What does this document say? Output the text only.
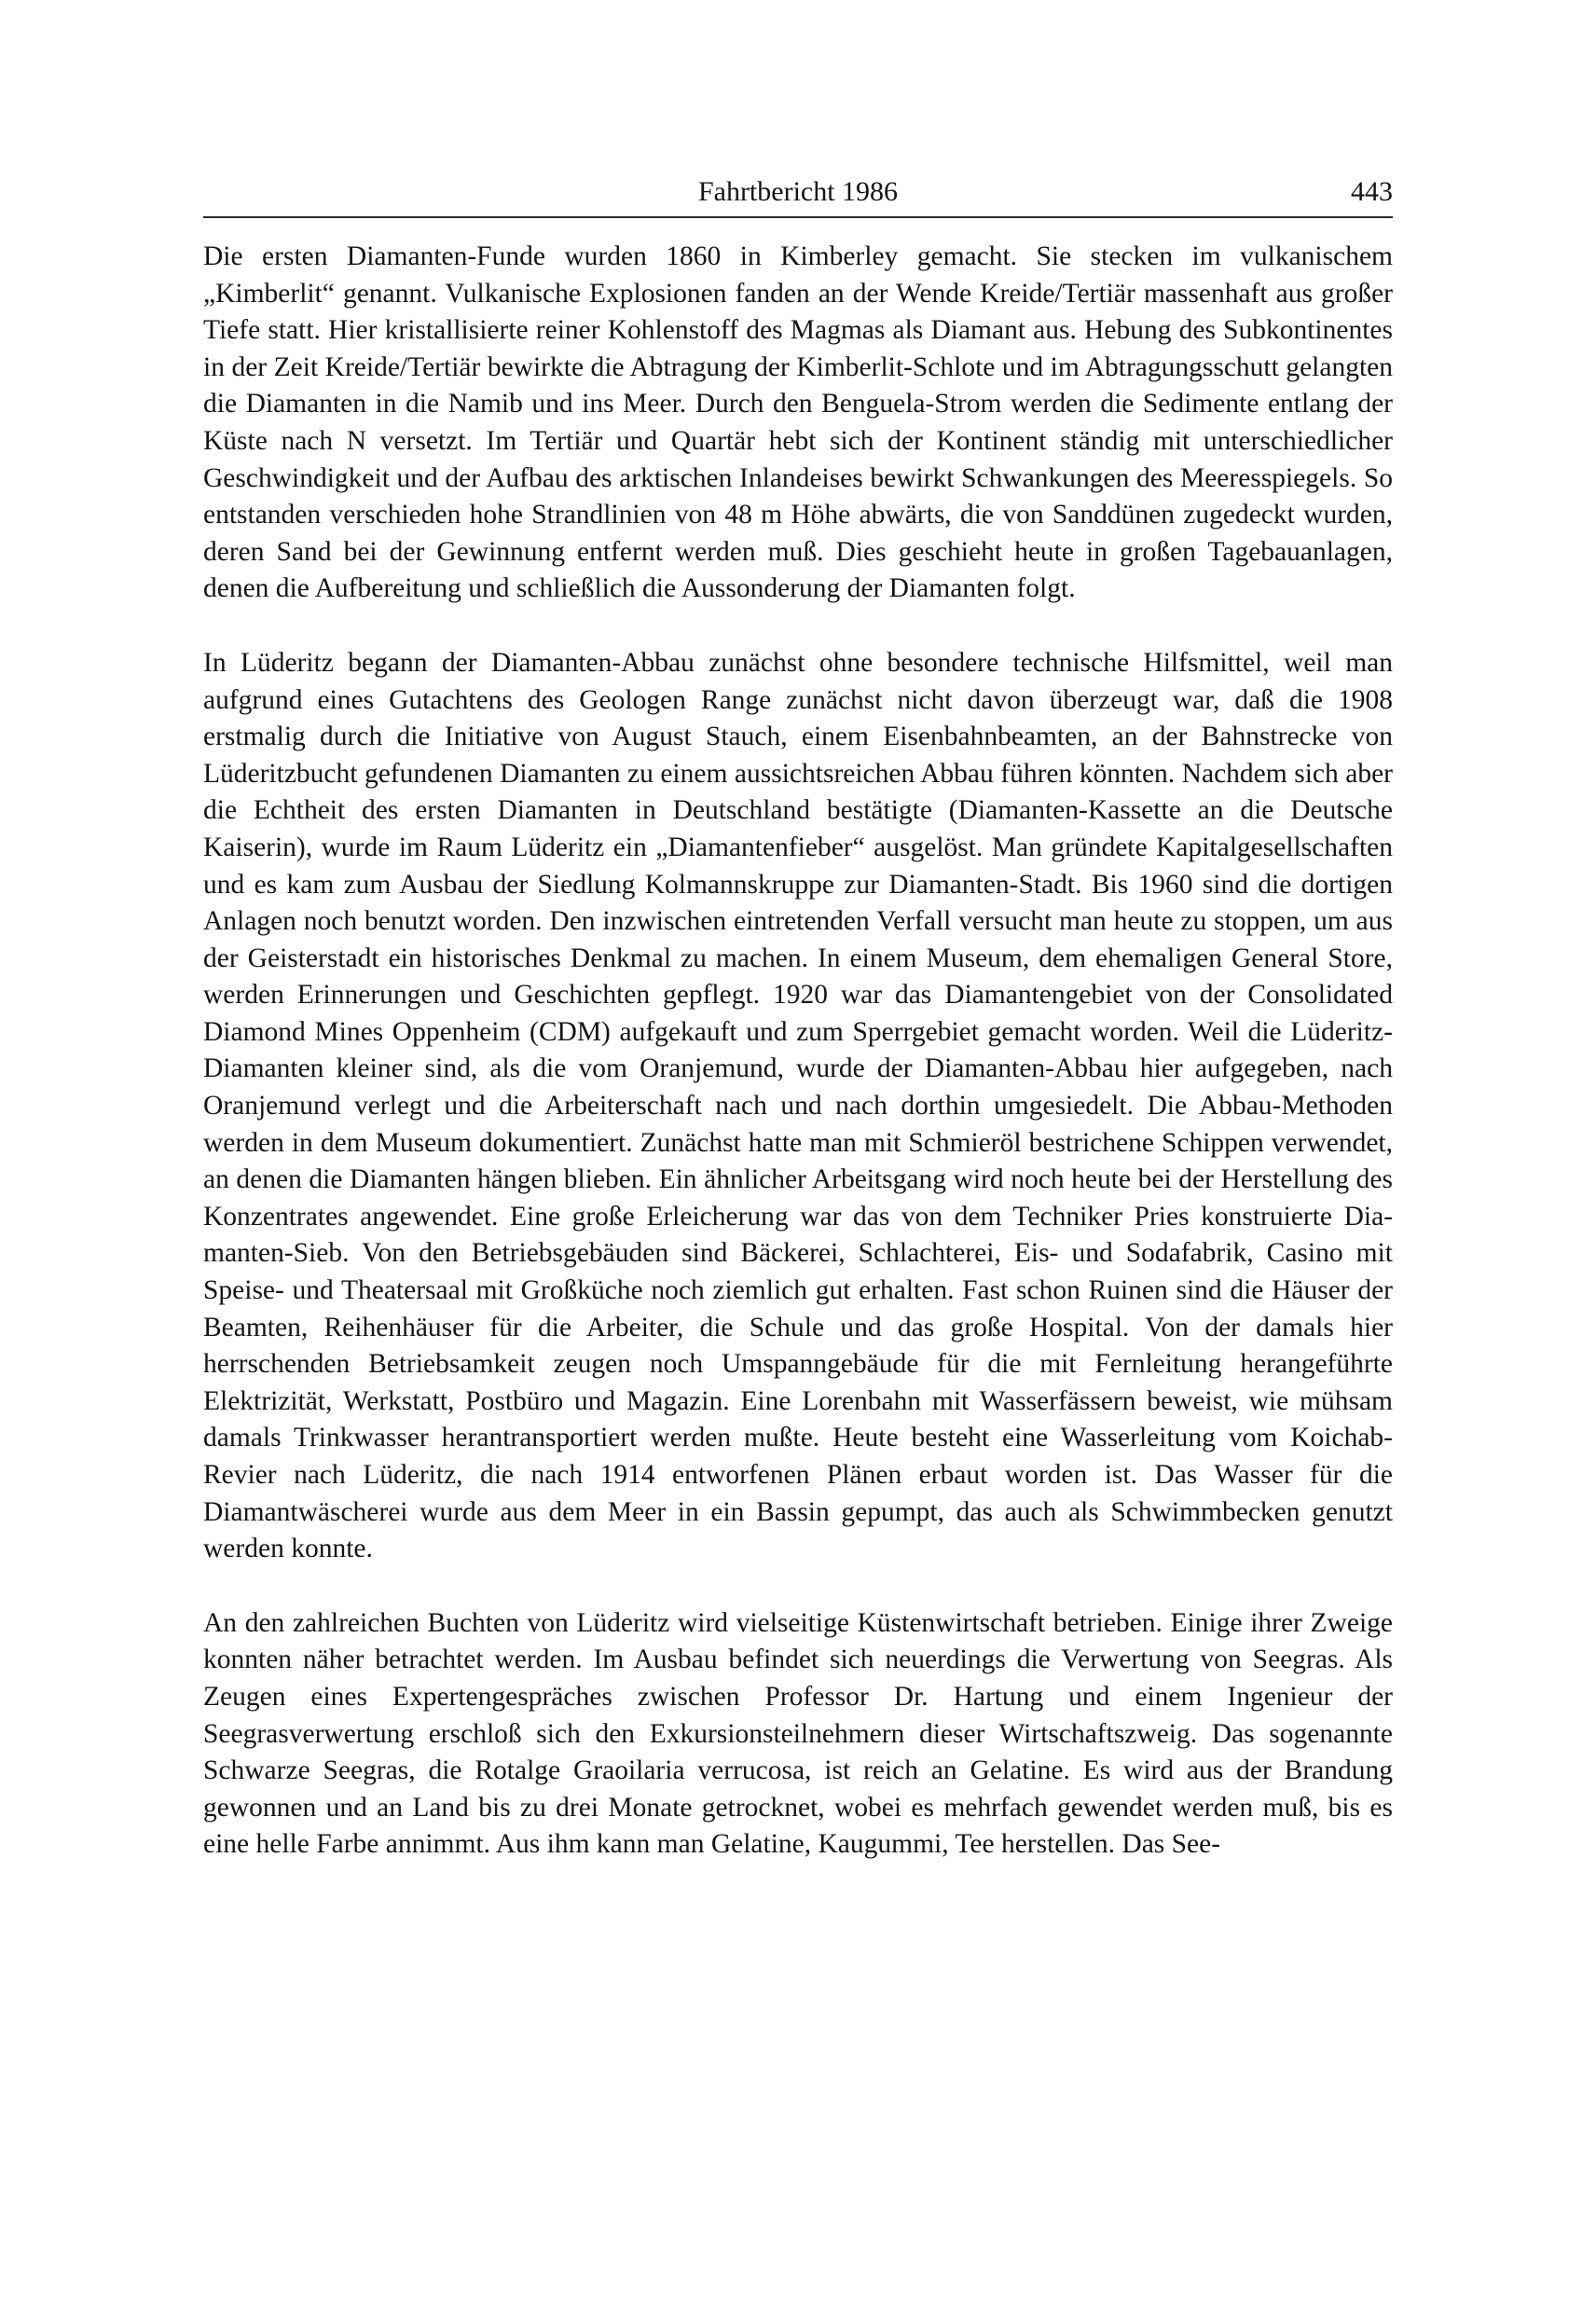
Fahrtbericht 1986	443

Die ersten Diamanten-Funde wurden 1860 in Kimberley gemacht. Sie stecken im vulkanischem „Kimberlit“ genannt. Vulkanische Explosionen fanden an der Wende Kreide/Tertiär massenhaft aus großer Tiefe statt. Hier kristallisierte reiner Kohlenstoff des Magmas als Diamant aus. Hebung des Subkontinentes in der Zeit Kreide/Tertiär bewirkte die Abtragung der Kimberlit-Schlote und im Abtragungsschutt gelangten die Diamanten in die Namib und ins Meer. Durch den Benguela-Strom werden die Sedimente entlang der Küste nach N versetzt. Im Tertiär und Quartär hebt sich der Kontinent ständig mit unterschiedlicher Geschwindigkeit und der Aufbau des arktischen Inlandeises bewirkt Schwankungen des Meeresspiegels. So entstanden verschieden hohe Strandlinien von 48 m Höhe abwärts, die von Sanddünen zugedeckt wurden, deren Sand bei der Gewinnung entfernt werden muß. Dies geschieht heute in großen Tagebauanlagen, denen die Aufbereitung und schließlich die Aussonderung der Diamanten folgt.

In Lüderitz begann der Diamanten-Abbau zunächst ohne besondere technische Hilfsmittel, weil man aufgrund eines Gutachtens des Geologen Range zunächst nicht davon überzeugt war, daß die 1908 erstmalig durch die Initiative von August Stauch, einem Eisenbahnbeamten, an der Bahnstrecke von Lüderitzbucht gefundenen Diamanten zu einem aussichtsreichen Abbau führen könnten. Nachdem sich aber die Echtheit des ersten Diamanten in Deutschland bestätigte (Diamanten-Kassette an die Deutsche Kaiserin), wurde im Raum Lüderitz ein „Diamantenfieber“ ausgelöst. Man gründete Kapitalgesellschaften und es kam zum Ausbau der Siedlung Kolmannskruppe zur Diamanten-Stadt. Bis 1960 sind die dortigen Anlagen noch benutzt worden. Den inzwischen eintretenden Verfall versucht man heute zu stoppen, um aus der Geisterstadt ein historisches Denkmal zu machen. In einem Museum, dem ehemaligen General Store, werden Erinnerungen und Geschichten gepflegt. 1920 war das Diamantengebiet von der Consolidated Diamond Mines Oppenheim (CDM) aufgekauft und zum Sperrgebiet gemacht worden. Weil die Lüderitz-Diamanten kleiner sind, als die vom Oranjemund, wurde der Diamanten-Abbau hier aufgegeben, nach Oranjemund verlegt und die Arbeiterschaft nach und nach dorthin umgesiedelt. Die Abbau-Methoden werden in dem Museum dokumentiert. Zunächst hatte man mit Schmieröl bestrichene Schippen verwendet, an denen die Diamanten hängen blieben. Ein ähnlicher Arbeitsgang wird noch heute bei der Herstellung des Konzentrates angewendet. Eine große Erleicherung war das von dem Techniker Pries konstruierte Diamanten-Sieb. Von den Betriebsgebäuden sind Bäckerei, Schlachterei, Eis- und Sodafabrik, Casino mit Speise- und Theatersaal mit Großküche noch ziemlich gut erhalten. Fast schon Ruinen sind die Häuser der Beamten, Reihenhäuser für die Arbeiter, die Schule und das große Hospital. Von der damals hier herrschenden Betriebsamkeit zeugen noch Umspanngebäude für die mit Fernleitung herangeführte Elektrizität, Werkstatt, Postbüro und Magazin. Eine Lorenbahn mit Wasserfässern beweist, wie mühsam damals Trinkwasser herantransportiert werden mußte. Heute besteht eine Wasserleitung vom Koichab-Revier nach Lüderitz, die nach 1914 entworfenen Plänen erbaut worden ist. Das Wasser für die Diamantwäscherei wurde aus dem Meer in ein Bassin gepumpt, das auch als Schwimmbecken genutzt werden konnte.

An den zahlreichen Buchten von Lüderitz wird vielseitige Küstenwirtschaft betrieben. Einige ihrer Zweige konnten näher betrachtet werden. Im Ausbau befindet sich neuerdings die Verwertung von Seegras. Als Zeugen eines Expertengespräches zwischen Professor Dr. Hartung und einem Ingenieur der Seegrasverwertung erschloß sich den Exkursionsteilnehmern dieser Wirtschaftszweig. Das sogenannte Schwarze Seegras, die Rotalge Graoilaria verrucosa, ist reich an Gelatine. Es wird aus der Brandung gewonnen und an Land bis zu drei Monate getrocknet, wobei es mehrfach gewendet werden muß, bis es eine helle Farbe annimmt. Aus ihm kann man Gelatine, Kaugummi, Tee herstellen. Das See-
